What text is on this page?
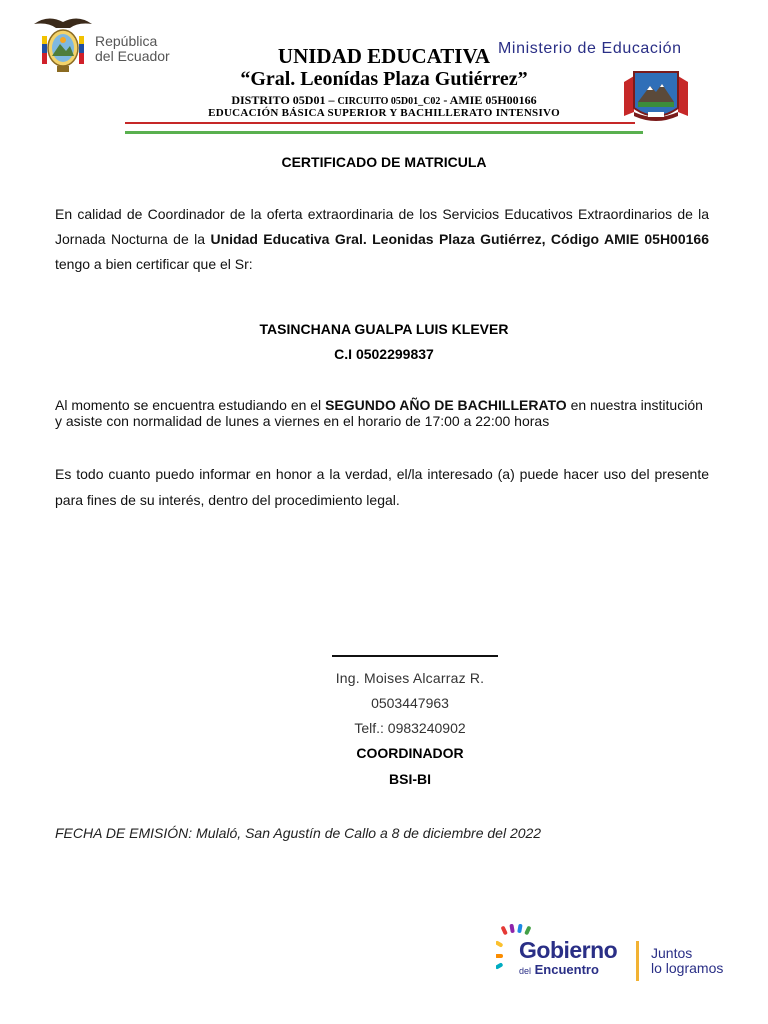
República
del Ecuador	UNIDAD EDUCATIVA
“Gral. Leonídas Plaza Gutiérrez”
DISTRITO 05D01 – CIRCUITO 05D01_C02 - AMIE 05H00166
EDUCACIÓN BÁSICA SUPERIOR Y BACHILLERATO INTENSIVO
Ministerio de Educación
CERTIFICADO DE MATRICULA
En calidad de Coordinador de la oferta extraordinaria de los Servicios Educativos Extraordinarios de la Jornada Nocturna de la Unidad Educativa Gral. Leonidas Plaza Gutiérrez, Código AMIE 05H00166 tengo a bien certificar que el Sr:
TASINCHANA GUALPA LUIS KLEVER
C.I 0502299837
Al momento se encuentra estudiando en el SEGUNDO AÑO DE BACHILLERATO en nuestra institución y asiste con normalidad de lunes a viernes en el horario de 17:00 a 22:00 horas
Es todo cuanto puedo informar en honor a la verdad, el/la interesado (a) puede hacer uso del presente para fines de su interés, dentro del procedimiento legal.
Ing. Moises Alcarraz R.
0503447963
Telf.: 0983240902
COORDINADOR
BSI-BI
FECHA DE EMISIÓN: Mulaló, San Agustín de Callo a 8 de diciembre del 2022
Gobierno
del Encuentro
Juntos
lo logramos
